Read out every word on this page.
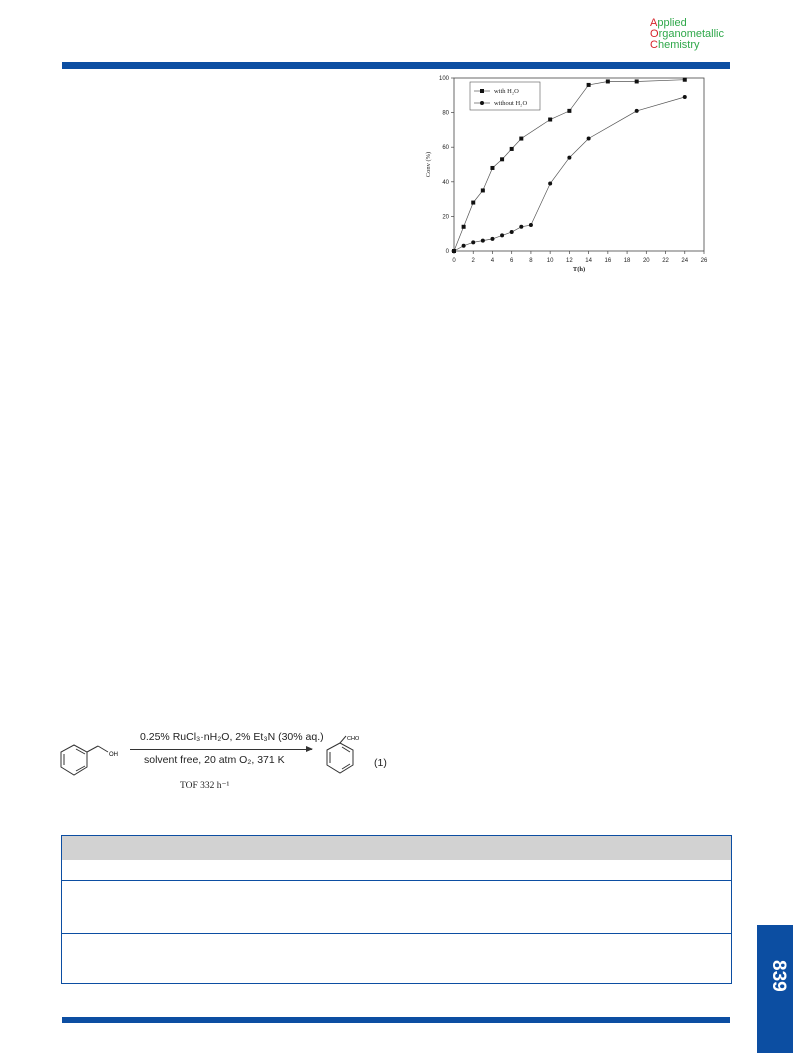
Applied
Organometallic
Chemistry
0	2	4	6	8 10 12 14 16 18 20 22 24 26
0
20
40
60
80
100
T(h)
Conv (%)
with H₂O
without H₂O
OH
0.25% RuCl₃·nH₂O, 2% Et₃N (30% aq.)
solvent free, 20 atm O₂, 371 K
TOF 332 h⁻¹
CHO
(1)
839
